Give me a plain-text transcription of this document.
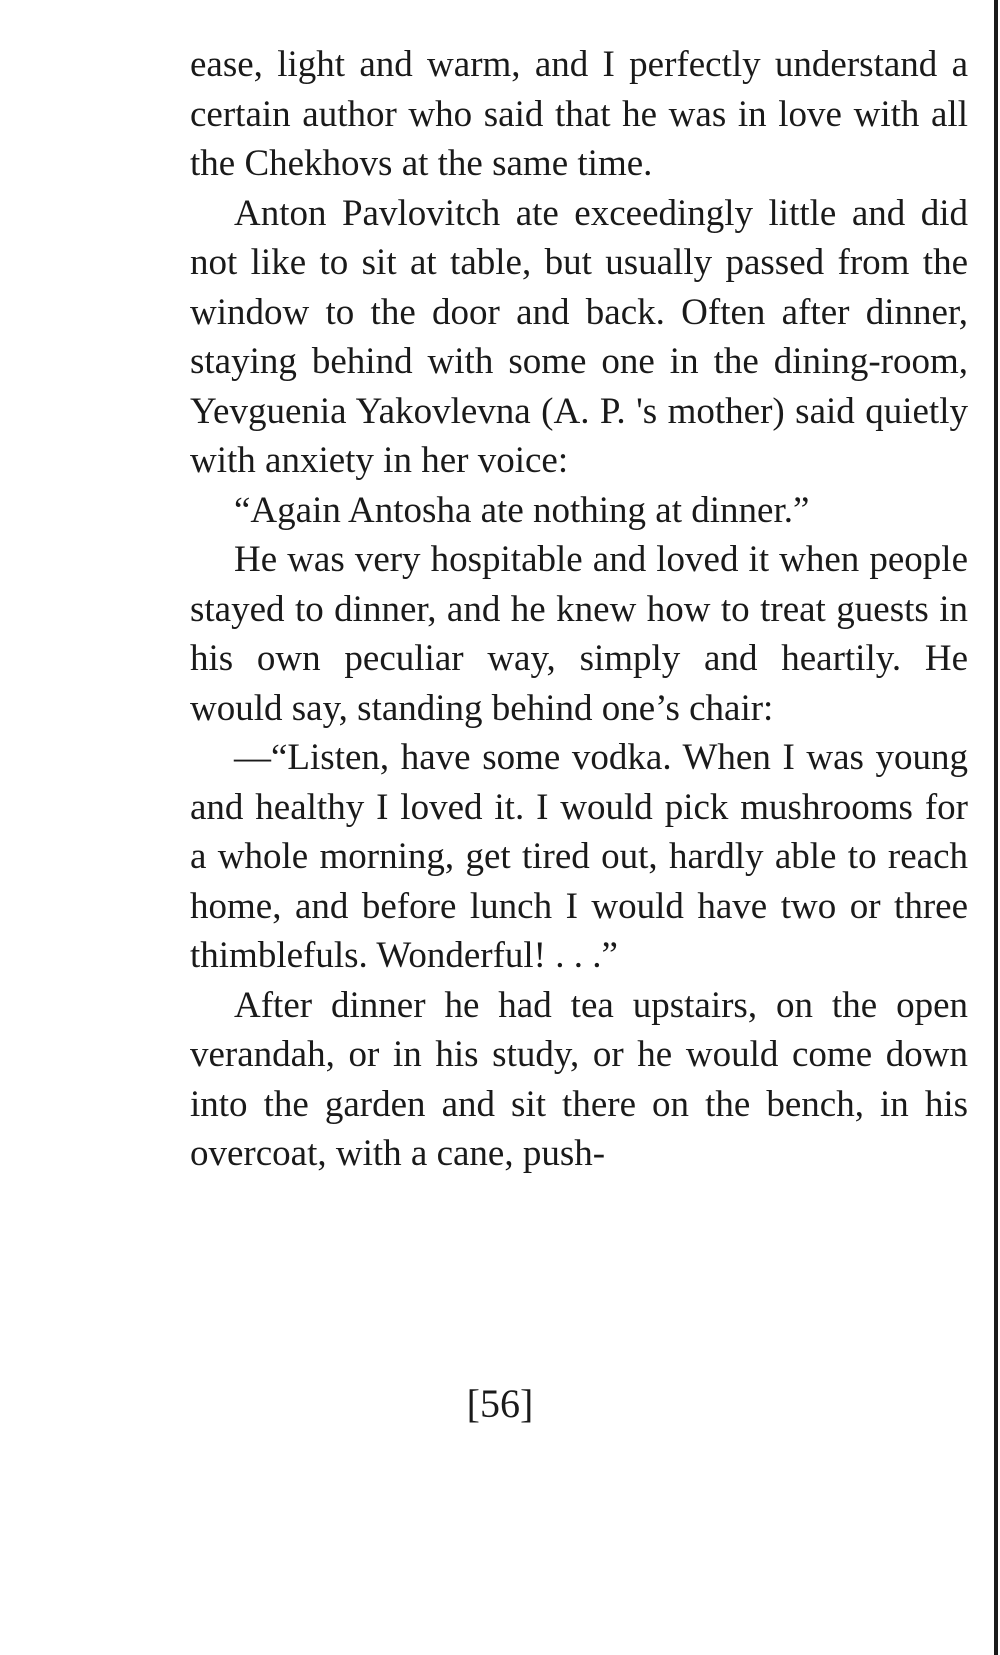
ease, light and warm, and I perfectly understand a certain author who said that he was in love with all the Chekhovs at the same time.

Anton Pavlovitch ate exceedingly little and did not like to sit at table, but usually passed from the window to the door and back. Often after dinner, staying behind with some one in the dining-room, Yevguenia Yakovlevna (A. P. 's mother) said quietly with anxiety in her voice:

“Again Antosha ate nothing at dinner.”

He was very hospitable and loved it when people stayed to dinner, and he knew how to treat guests in his own peculiar way, simply and heartily. He would say, standing behind one’s chair:

—“Listen, have some vodka. When I was young and healthy I loved it. I would pick mushrooms for a whole morning, get tired out, hardly able to reach home, and before lunch I would have two or three thimblefuls. Wonderful! . . .”

After dinner he had tea upstairs, on the open verandah, or in his study, or he would come down into the garden and sit there on the bench, in his overcoat, with a cane, push-

[56]
